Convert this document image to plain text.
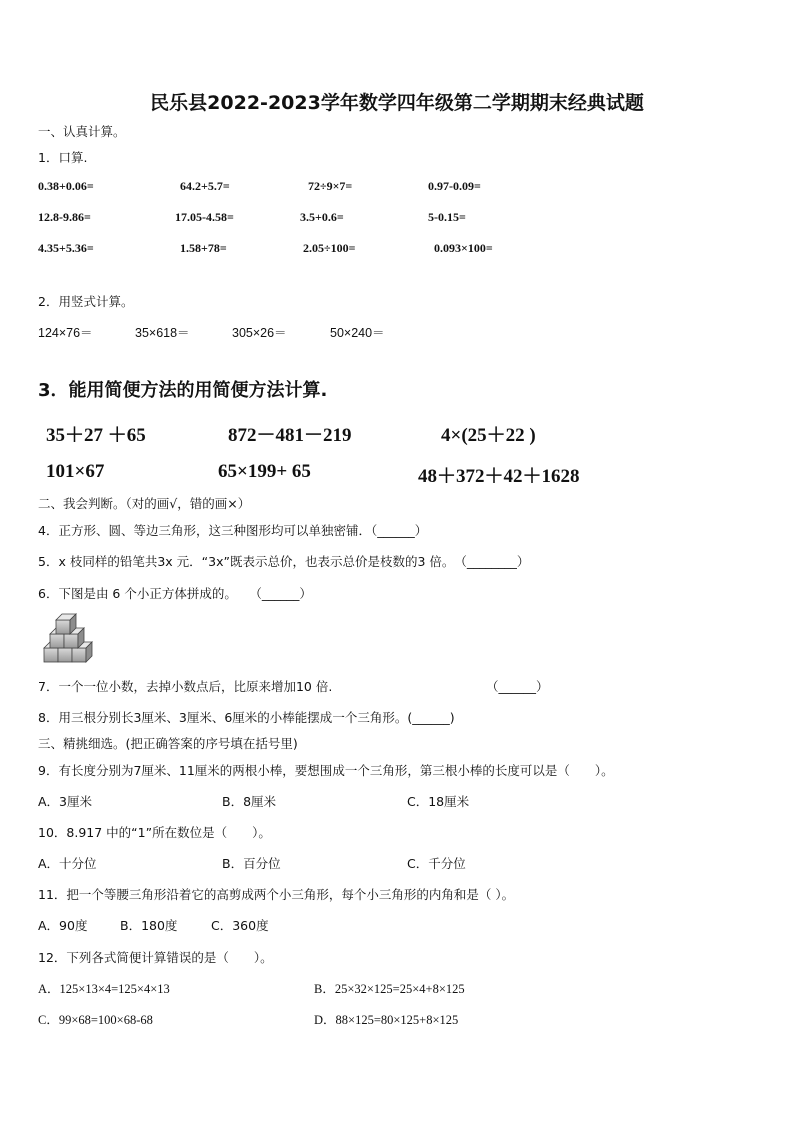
民乐县2022-2023学年数学四年级第二学期期末经典试题
一、认真计算。
1．口算.
0.38+0.06=	64.2+5.7=	72÷9×7=	0.97-0.09=
12.8-9.86=	17.05-4.58=	3.5+0.6=	5-0.15=
4.35+5.36=	1.58+78=	2.05÷100=	0.093×100=
2．用竖式计算。
124×76＝	35×618＝	305×26＝	50×240＝
3．能用简便方法的用简便方法计算.
35＋27 ＋65	872－481－219	4×(25＋22 )
101×67	65×199+ 65	48＋372＋42＋1628
二、我会判断。（对的画√，错的画×）
4．正方形、圆、等边三角形，这三种图形均可以单独密铺．（______）
5．x 枝同样的铅笔共3x 元．“3x”既表示总价，也表示总价是枝数的3 倍。　（________）
6．下图是由 6 个小正方体拼成的。　　（______）
7．一个一位小数，去掉小数点后，比原来增加10 倍.	（______）
8．用三根分别长3厘米、3厘米、6厘米的小棒能摆成一个三角形。(______)
三、精挑细选。(把正确答案的序号填在括号里)
9．有长度分别为7厘米、11厘米的两根小棒，要想围成一个三角形，第三根小棒的长度可以是（　　）。
A．3厘米	B．8厘米	C．18厘米
10．8.917 中的“1”所在数位是（　　）。
A．十分位	B．百分位	C．千分位
11．把一个等腰三角形沿着它的高剪成两个小三角形，每个小三角形的内角和是（ ）。
A．90度	B．180度	C．360度
12．下列各式简便计算错误的是（　　）。
A．125×13×4=125×4×13	B．25×32×125=25×4+8×125
C．99×68=100×68-68	D．88×125=80×125+8×125
